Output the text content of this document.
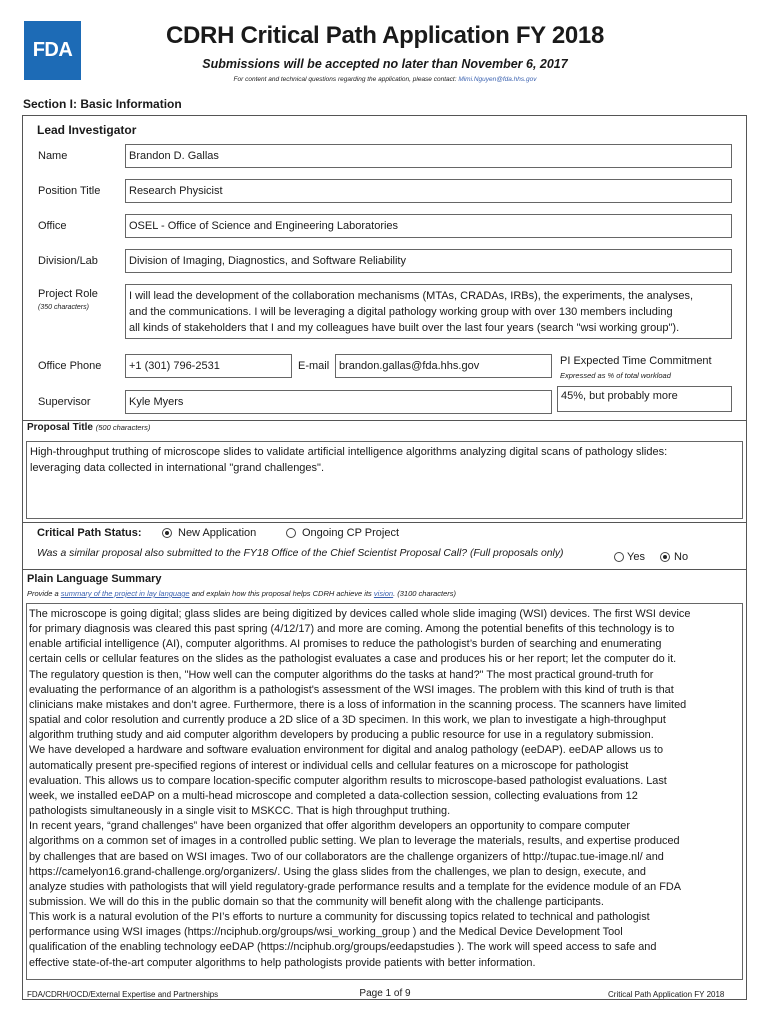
FDA
CDRH Critical Path Application FY 2018
Submissions will be accepted no later than November 6, 2017
For content and technical questions regarding the application, please contact: Mimi.Nguyen@fda.hhs.gov
Section I: Basic Information
Lead Investigator
Name	Brandon D. Gallas
Position Title	Research Physicist
Office	OSEL - Office of Science and Engineering Laboratories
Division/Lab	Division of Imaging, Diagnostics, and Software Reliability
Project Role
(350 characters)
I will lead the development of the collaboration mechanisms (MTAs, CRADAs, IRBs), the experiments, the analyses,
and the communications. I will be leveraging a digital pathology working group with over 130 members including
all kinds of stakeholders that I and my colleagues have built over the last four years (search "wsi working group").
Office Phone	+1 (301) 796-2531	E-mail brandon.gallas@fda.hhs.gov	PI Expected Time Commitment
Expressed as % of total workload
Supervisor	Kyle Myers	45%, but probably more
Proposal Title (500 characters)
High-throughput truthing of microscope slides to validate artificial intelligence algorithms analyzing digital scans of pathology slides:
leveraging data collected in international "grand challenges".
Critical Path Status:	New Application	Ongoing CP Project
Was a similar proposal also submitted to the FY18 Office of the Chief Scientist Proposal Call? (Full proposals only)	Yes	No
Plain Language Summary
Provide a summary of the project in lay language and explain how this proposal helps CDRH achieve its vision. (3100 characters)
The microscope is going digital; glass slides are being digitized by devices called whole slide imaging (WSI) devices. The first WSI device
for primary diagnosis was cleared this past spring (4/12/17) and more are coming. Among the potential benefits of this technology is to
enable artificial intelligence (AI), computer algorithms. AI promises to reduce the pathologist’s burden of searching and enumerating
certain cells or cellular features on the slides as the pathologist evaluates a case and produces his or her report; let the computer do it.
The regulatory question is then, "How well can the computer algorithms do the tasks at hand?" The most practical ground-truth for
evaluating the performance of an algorithm is a pathologist's assessment of the WSI images. The problem with this kind of truth is that
clinicians make mistakes and don’t agree. Furthermore, there is a loss of information in the scanning process. The scanners have limited
spatial and color resolution and currently produce a 2D slice of a 3D specimen. In this work, we plan to investigate a high-throughput
algorithm truthing study and aid computer algorithm developers by producing a public resource for use in a regulatory submission.
We have developed a hardware and software evaluation environment for digital and analog pathology (eeDAP). eeDAP allows us to
automatically present pre-specified regions of interest or individual cells and cellular features on a microscope for pathologist
evaluation. This allows us to compare location-specific computer algorithm results to microscope-based pathologist evaluations. Last
week, we installed eeDAP on a multi-head microscope and completed a data-collection session, collecting evaluations from 12
pathologists simultaneously in a single visit to MSKCC. That is high throughput truthing.
In recent years, “grand challenges” have been organized that offer algorithm developers an opportunity to compare computer
algorithms on a common set of images in a controlled public setting. We plan to leverage the materials, results, and expertise produced
by challenges that are based on WSI images. Two of our collaborators are the challenge organizers of http://tupac.tue-image.nl/ and
https://camelyon16.grand-challenge.org/organizers/. Using the glass slides from the challenges, we plan to design, execute, and
analyze studies with pathologists that will yield regulatory-grade performance results and a template for the evidence module of an FDA
submission. We will do this in the public domain so that the community will benefit along with the challenge participants.
This work is a natural evolution of the PI’s efforts to nurture a community for discussing topics related to technical and pathologist
performance using WSI images (https://nciphub.org/groups/wsi_working_group ) and the Medical Device Development Tool
qualification of the enabling technology eeDAP (https://nciphub.org/groups/eedapstudies ). The work will speed access to safe and
effective state-of-the-art computer algorithms to help pathologists provide patients with better information.
FDA/CDRH/OCD/External Expertise and Partnerships	Page 1 of 9	Critical Path Application FY 2018
